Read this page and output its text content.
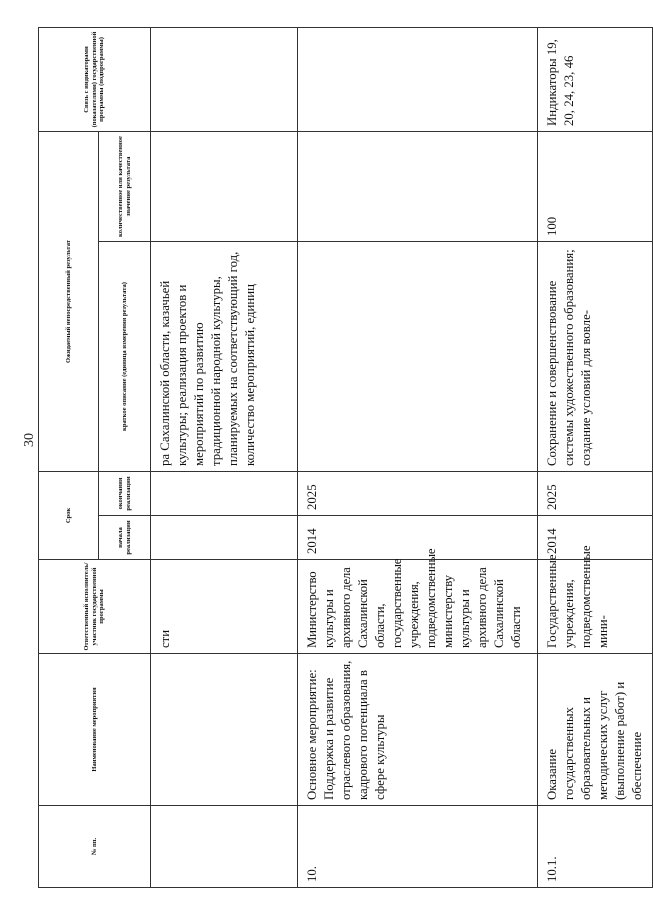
30
№ пп.	Наименование мероприятия	Ответственный исполнитель/участник государственной программы	Срок		Ожидаемый непосредственный результат		Связь с индикаторами (показателями) государственной программы (подпрограммы)
			начала реализации	окончания реализации	краткое описание (единица измерения результата)	количественное или качественное значение результата	
		сти			ра Сахалинской области, казачьей культуры; реализация проектов и мероприятий по развитию традиционной народной культуры, планируемых на соответствующий год, количество мероприятий, единиц		
10.	Основное мероприятие: Поддержка и развитие отраслевого образования, кадрового потенциала в сфере культуры	Министерство культуры и архивного дела Сахалинской области, государственные учреждения, подведомственные министерству культуры и архивного дела Сахалинской области	2014	2025			
10.1.	Оказание государственных образовательных и методических услуг (выполнение работ) и обеспечение	Государственные учреждения, подведомственные мини-	2014	2025	Сохранение и совершенствование системы художественного образования; создание условий для вовле-	100	Индикаторы 19, 20, 24, 23, 46
